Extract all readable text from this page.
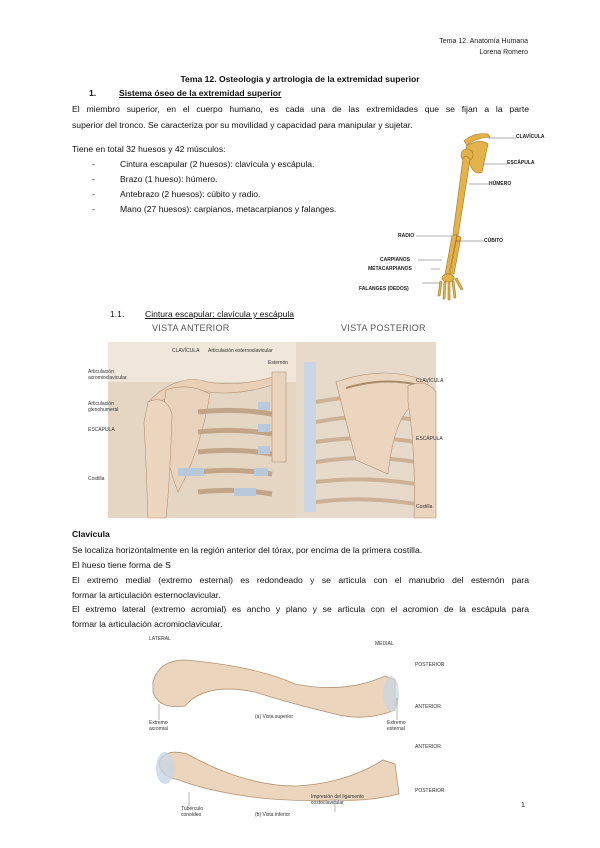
Tema 12. Anatomía Humana
Lorena Romero
Tema 12. Osteologia y artrologia de la extremidad superior
1.	Sistema óseo de la extremidad superior
El miembro superior, en el cuerpo humano, es cada una de las extremidades que se fijan a la parte
superior del tronco. Se caracteriza por su movilidad y capacidad para manipular y sujetar.
Tiene en total 32 huesos y 42 músculos:
- Cintura escapular (2 huesos): clavícula y escápula.
- Brazo (1 hueso): húmero.
- Antebrazo (2 huesos): cúbito y radio.
- Mano (27 huesos): carpianos, metacarpianos y falanges.
CLAVÍCULA
ESCÁPULA
HÚMERO
RADIO
CÚBITO
CARPIANOS
METACARPIANOS
FALANGES (DEDOS)
1.1. Cintura escapular: clavícula y escápula
VISTA ANTERIOR	VISTA POSTERIOR
CLAVÍCULA Articulación esternoclavicular
Esternón
Articulación acromioclavicular
Articulación glenohumeral
ESCÁPULA
Costilla
CLAVÍCULA
ESCÁPULA
Costilla
Clavícula
Se localiza horizontalmente en la región anterior del tórax, por encima de la primera costilla.
El hueso tiene forma de S
El extremo medial (extremo esternal) es redondeado y se articula con el manubrio del esternón para
formar la articulación esternoclavicular.
El extremo lateral (extremo acromial) es ancho y plano y se articula con el acromion de la escápula para
formar la articulación acromioclavicular.
LATERAL
MEDIAL
Extremo acromial
(a) Vista superior
Extremo esternal
Tubérculo conoideo	(b) Vista inferior
Impresión del ligamento costoclavicular
POSTERIOR
ANTERIOR
ANTERIOR
POSTERIOR
1
